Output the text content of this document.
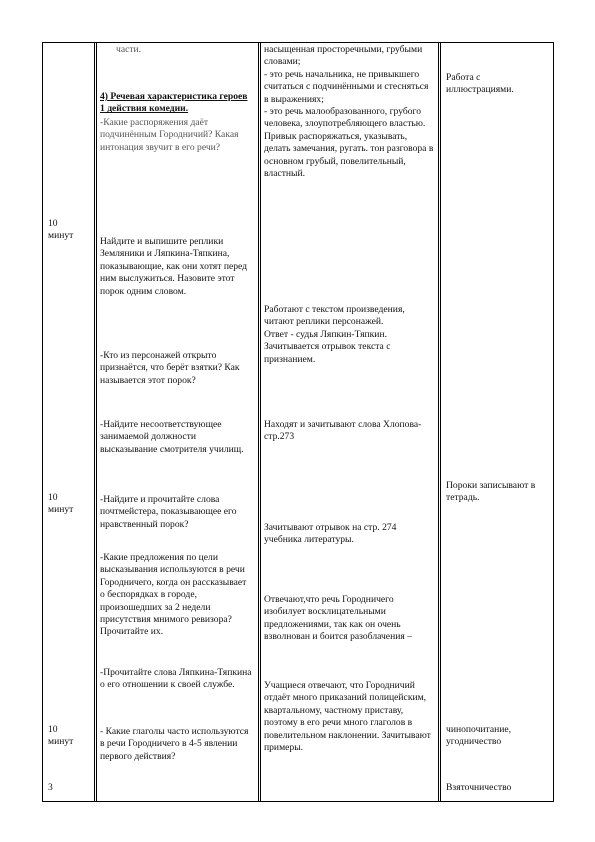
10
минут
10
минут
10
минут
3
части.
4) Речевая характеристика героев 1 действия комедии.
-Какие распоряжения даёт подчинённым Городничий? Какая интонация звучит в его речи?
Найдите и выпишите реплики Земляники и Ляпкина-Тяпкина, показывающие, как они хотят перед ним выслужиться. Назовите этот порок одним словом.
-Кто из персонажей открыто признаётся, что берёт взятки? Как называется этот порок?
-Найдите несоответствующее занимаемой должности высказывание смотрителя училищ.
-Найдите и прочитайте слова почтмейстера, показывающее его нравственный порок?
-Какие предложения по цели высказывания используются в речи Городничего, когда он рассказывает о беспорядках в городе, произошедших за 2 недели присутствия мнимого ревизора? Прочитайте их.
-Прочитайте слова Ляпкина-Тяпкина о его отношении к своей службе.
- Какие глаголы часто используются в речи Городничего в 4-5 явлении первого действия?
насыщенная просторечными, грубыми словами;
- это речь начальника, не привыкшего считаться с подчинёнными и стесняться в выражениях;
- это речь малообразованного, грубого человека, злоупотребляющего властью.
Привык распоряжаться, указывать, делать замечания, ругать. тон разговора в основном грубый, повелительный, властный.
Работают с текстом произведения, читают реплики персонажей.
Ответ - судья Ляпкин-Тяпкин.
Зачитывается отрывок текста с признанием.
Находят и зачитывают слова Хлопова-стр.273
Зачитывают отрывок на стр. 274 учебника литературы.
Отвечают,что речь Городничего изобилует восклицательными предложениями, так как он очень взволнован и боится разоблачения –
Учащиеся отвечают, что Городничий отдаёт много приказаний полицейским, квартальному, частному приставу, поэтому в его речи много глаголов в повелительном наклонении. Зачитывают примеры.
Работа с иллюстрациями.
Пороки записывают в тетрадь.
чинопочитание, угодничество
Взяточничество
